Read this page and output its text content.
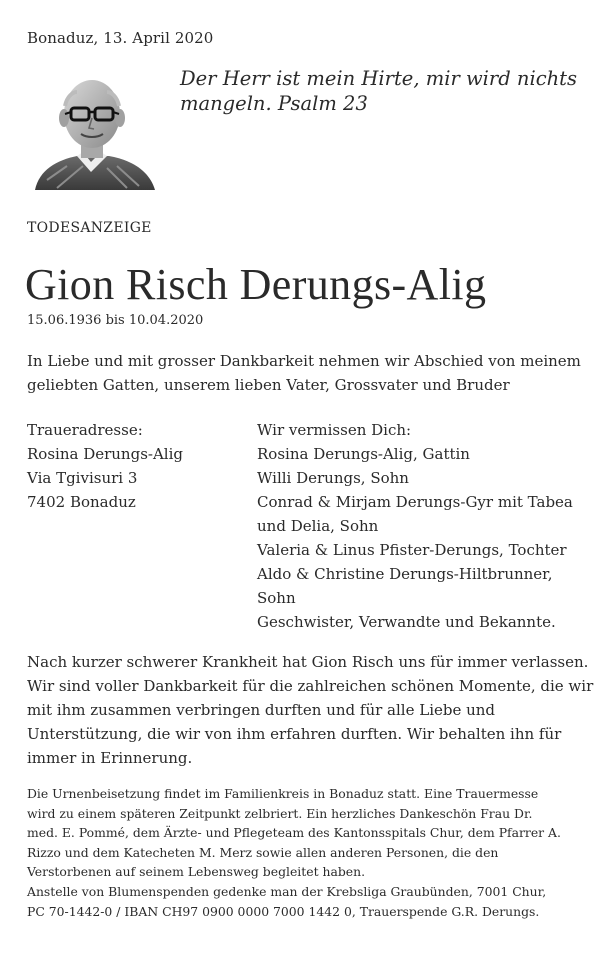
Bonaduz, 13. April 2020
Der Herr ist mein Hirte, mir wird nichts
mangeln. Psalm 23
TODESANZEIGE
Gion Risch Derungs-Alig
15.06.1936 bis 10.04.2020
In Liebe und mit grosser Dankbarkeit nehmen wir Abschied von meinem
geliebten Gatten, unserem lieben Vater, Grossvater und Bruder
Traueradresse:
Rosina Derungs-Alig
Via Tgivisuri 3
7402 Bonaduz
Wir vermissen Dich:
Rosina Derungs-Alig, Gattin
Willi Derungs, Sohn
Conrad & Mirjam Derungs-Gyr mit Tabea
und Delia, Sohn
Valeria & Linus Pfister-Derungs, Tochter
Aldo & Christine Derungs-Hiltbrunner,
Sohn
Geschwister, Verwandte und Bekannte.
Nach kurzer schwerer Krankheit hat Gion Risch uns für immer verlassen.
Wir sind voller Dankbarkeit für die zahlreichen schönen Momente, die wir
mit ihm zusammen verbringen durften und für alle Liebe und
Unterstützung, die wir von ihm erfahren durften. Wir behalten ihn für
immer in Erinnerung.
Die Urnenbeisetzung findet im Familienkreis in Bonaduz statt. Eine Trauermesse
wird zu einem späteren Zeitpunkt zelbriert. Ein herzliches Dankeschön Frau Dr.
med. E. Pommé, dem Ärzte- und Pflegeteam des Kantonsspitals Chur, dem Pfarrer A.
Rizzo und dem Katecheten M. Merz sowie allen anderen Personen, die den
Verstorbenen auf seinem Lebensweg begleitet haben.
Anstelle von Blumenspenden gedenke man der Krebsliga Graubünden, 7001 Chur,
PC 70-1442-0 / IBAN CH97 0900 0000 7000 1442 0, Trauerspende G.R. Derungs.
